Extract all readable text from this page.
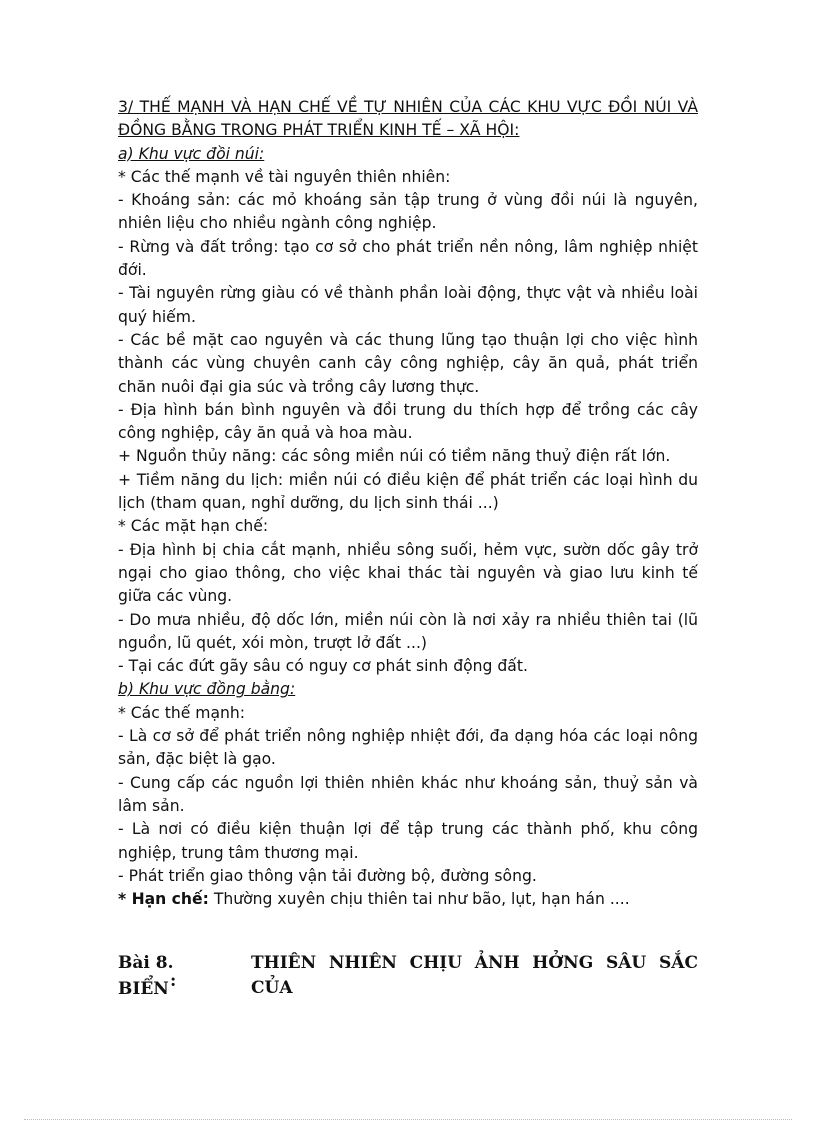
3/ THẾ MẠNH VÀ HẠN CHẾ VỀ TỰ NHIÊN CỦA CÁC KHU VỰC ĐỒI NÚI VÀ ĐỒNG BẰNG TRONG PHÁT TRIỂN KINH TẾ – XÃ HỘI:

a) Khu vực đồi núi:

* Các thế mạnh về tài nguyên thiên nhiên:

- Khoáng sản: các mỏ khoáng sản tập trung ở vùng đồi núi là nguyên, nhiên liệu cho nhiều ngành công nghiệp.

- Rừng và đất trồng: tạo cơ sở cho phát triển nền nông, lâm nghiệp nhiệt đới.

- Tài nguyên rừng giàu có về thành phần loài động, thực vật và nhiều loài quý hiếm.

- Các bề mặt cao nguyên và các thung lũng tạo thuận lợi cho việc hình thành các vùng chuyên canh cây công nghiệp, cây ăn quả, phát triển chăn nuôi đại gia súc và trồng cây lương thực.

- Địa hình bán bình nguyên và đồi trung du thích hợp để trồng các cây công nghiệp, cây ăn quả và hoa màu.

+ Nguồn thủy năng: các sông miền núi có tiềm năng thuỷ điện rất lớn.

+ Tiềm năng du lịch: miền núi có điều kiện để phát triển các loại hình du lịch (tham quan, nghỉ dưỡng, du lịch sinh thái ...)

* Các mặt hạn chế:

- Địa hình bị chia cắt mạnh, nhiều sông suối, hẻm vực, sườn dốc gây trở ngại cho giao thông, cho việc khai thác tài nguyên và giao lưu kinh tế giữa các vùng.

- Do mưa nhiều, độ dốc lớn, miền núi còn là nơi xảy ra nhiều thiên tai (lũ nguồn, lũ quét, xói mòn, trượt lở đất ...)

- Tại các đứt gãy sâu có nguy cơ phát sinh động đất.

b) Khu vực đồng bằng:

* Các thế mạnh:

- Là cơ sở để phát triển nông nghiệp nhiệt đới, đa dạng hóa các loại nông sản, đặc biệt là gạo.

- Cung cấp các nguồn lợi thiên nhiên khác như khoáng sản, thuỷ sản và lâm sản.

- Là nơi có điều kiện thuận lợi để tập trung các thành phố, khu công nghiệp, trung tâm thương mại.

- Phát triển giao thông vận tải đường bộ, đường sông.

* Hạn chế: Thường xuyên chịu thiên tai như bão, lụt, hạn hán ....

Bài 8.
:
BIỂN
THIÊN NHIÊN CHỊU ẢNH HỞNG SÂU SẮC CỦA
